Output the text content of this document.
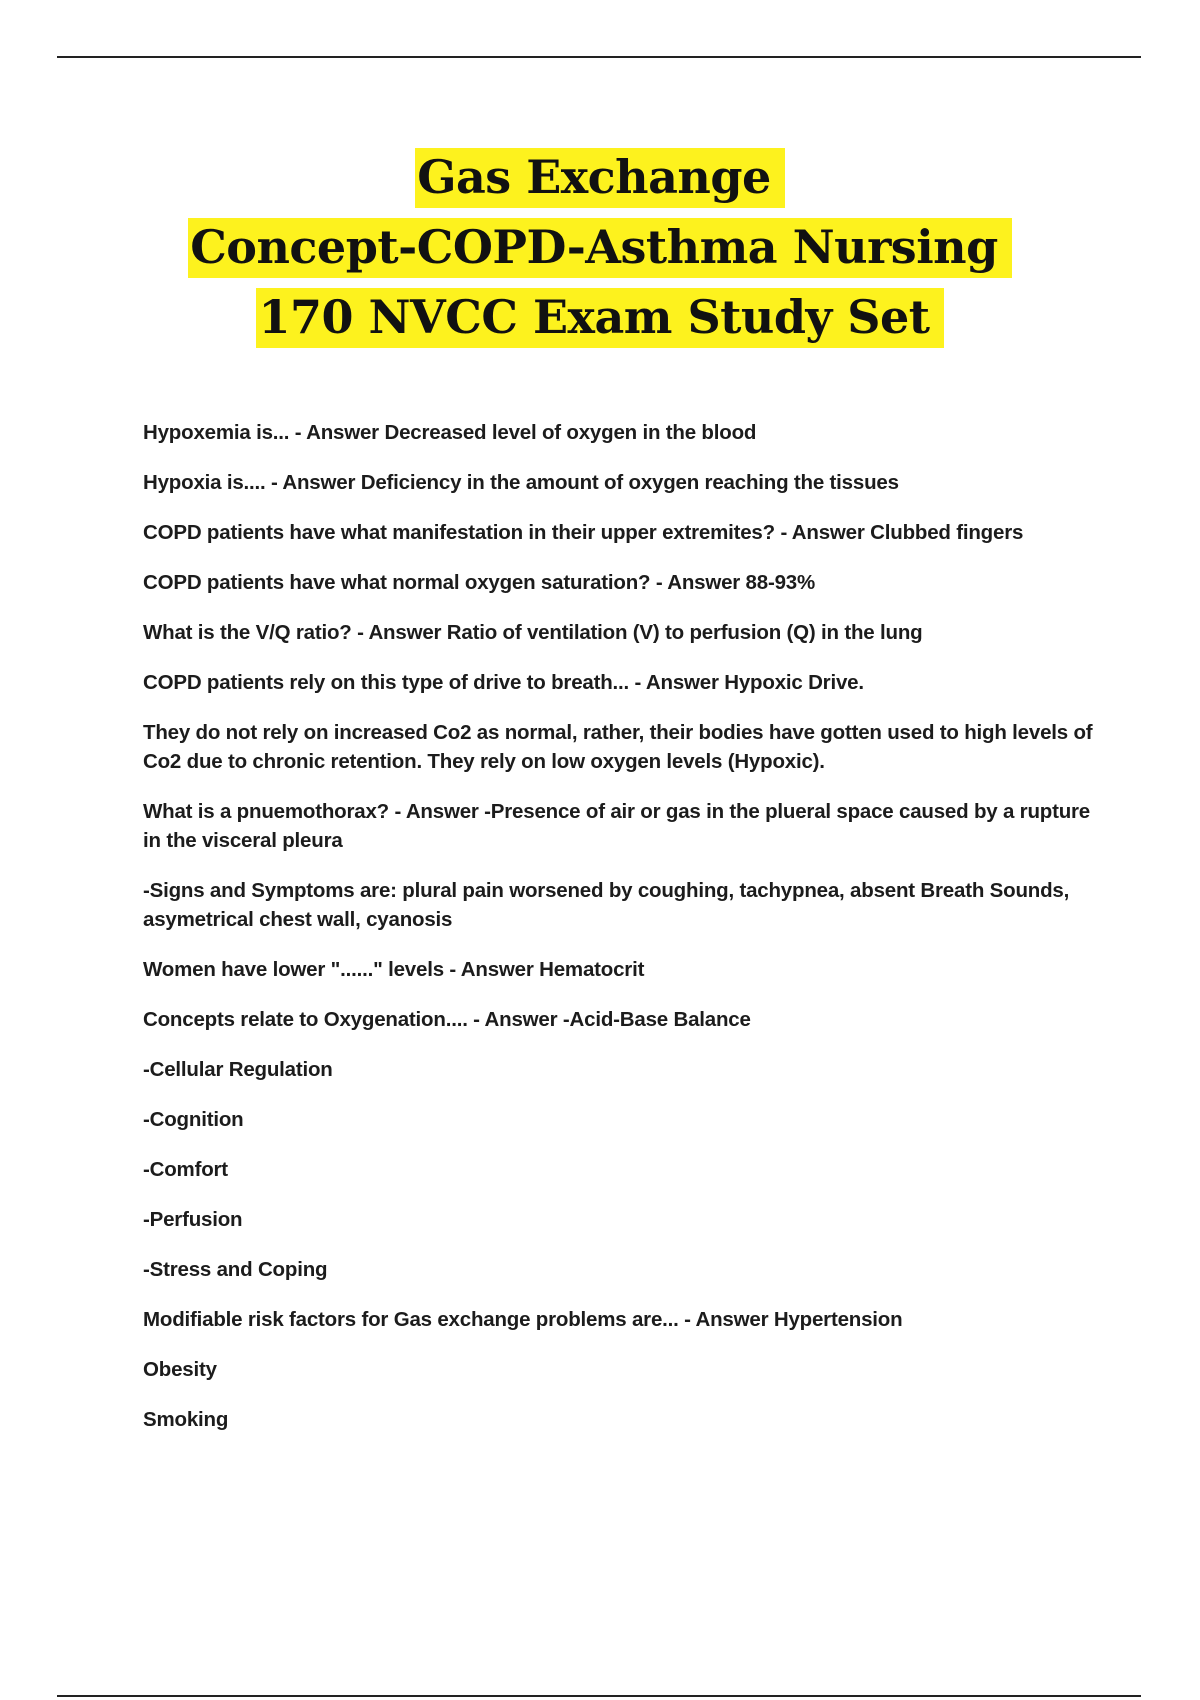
Gas Exchange
Concept-COPD-Asthma Nursing
170 NVCC Exam Study Set

Hypoxemia is... - Answer Decreased level of oxygen in the blood

Hypoxia is.... - Answer Deficiency in the amount of oxygen reaching the tissues

COPD patients have what manifestation in their upper extremites? - Answer Clubbed fingers

COPD patients have what normal oxygen saturation? - Answer 88-93%

What is the V/Q ratio? - Answer Ratio of ventilation (V) to perfusion (Q) in the lung

COPD patients rely on this type of drive to breath... - Answer Hypoxic Drive.

They do not rely on increased Co2 as normal, rather, their bodies have gotten used to high levels of Co2 due to chronic retention. They rely on low oxygen levels (Hypoxic).

What is a pnuemothorax? - Answer -Presence of air or gas in the plueral space caused by a rupture in the visceral pleura

-Signs and Symptoms are: plural pain worsened by coughing, tachypnea, absent Breath Sounds, asymetrical chest wall, cyanosis

Women have lower "......" levels - Answer Hematocrit

Concepts relate to Oxygenation.... - Answer -Acid-Base Balance

-Cellular Regulation

-Cognition

-Comfort

-Perfusion

-Stress and Coping

Modifiable risk factors for Gas exchange problems are... - Answer Hypertension

Obesity

Smoking
